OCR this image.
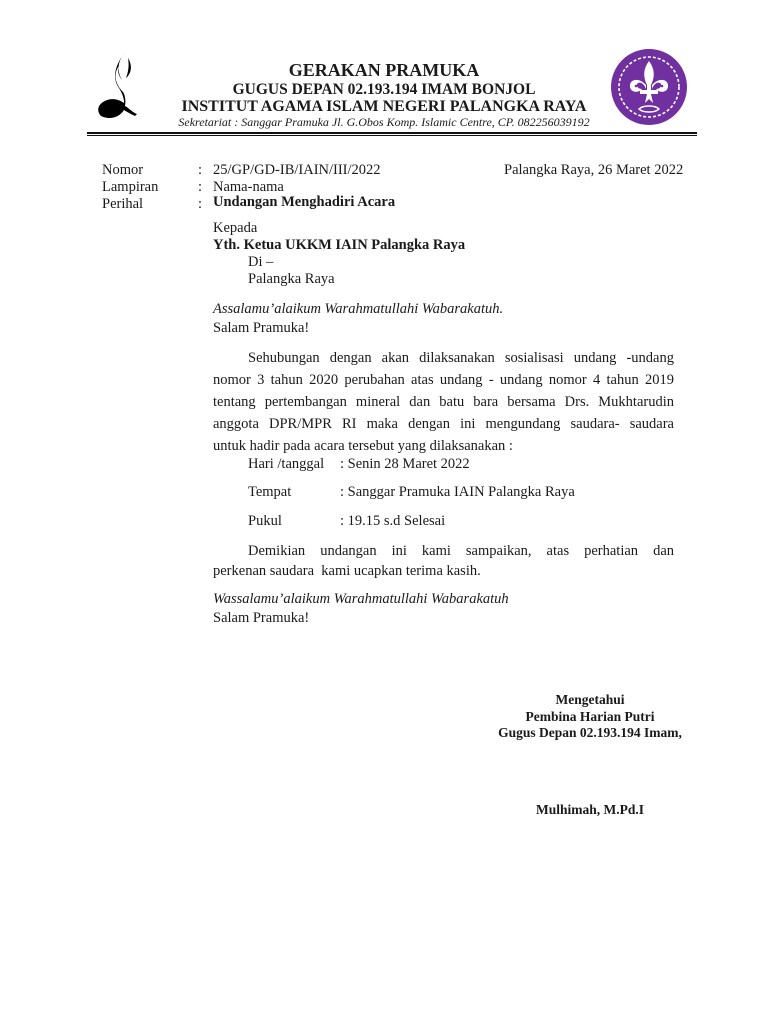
GERAKAN PRAMUKA
GUGUS DEPAN 02.193.194 IMAM BONJOL
INSTITUT AGAMA ISLAM NEGERI PALANGKA RAYA
Sekretariat : Sanggar Pramuka Jl. G.Obos Komp. Islamic Centre, CP. 082256039192
Nomor	: 25/GP/GD-IB/IAIN/III/2022	Palangka Raya, 26 Maret 2022
Lampiran	: Nama-nama
Perihal	: Undangan Menghadiri Acara
Kepada
Yth. Ketua UKKM IAIN Palangka Raya
Di –
Palangka Raya
Assalamu’alaikum Warahmatullahi Wabarakatuh.
Salam Pramuka!
Sehubungan dengan akan dilaksanakan sosialisasi undang -undang
nomor 3 tahun 2020 perubahan atas undang - undang nomor 4 tahun 2019
tentang pertembangan mineral dan batu bara bersama Drs. Mukhtarudin
anggota DPR/MPR RI maka dengan ini mengundang saudara- saudara
untuk hadir pada acara tersebut yang dilaksanakan :
Hari /tanggal : Senin 28 Maret 2022
Tempat	: Sanggar Pramuka IAIN Palangka Raya
Pukul	: 19.15 s.d Selesai
Demikian undangan ini kami sampaikan, atas perhatian dan
perkenan saudara  kami ucapkan terima kasih.
Wassalamu’alaikum Warahmatullahi Wabarakatuh
Salam Pramuka!
Mengetahui
Pembina Harian Putri
Gugus Depan 02.193.194 Imam,
Mulhimah, M.Pd.I
